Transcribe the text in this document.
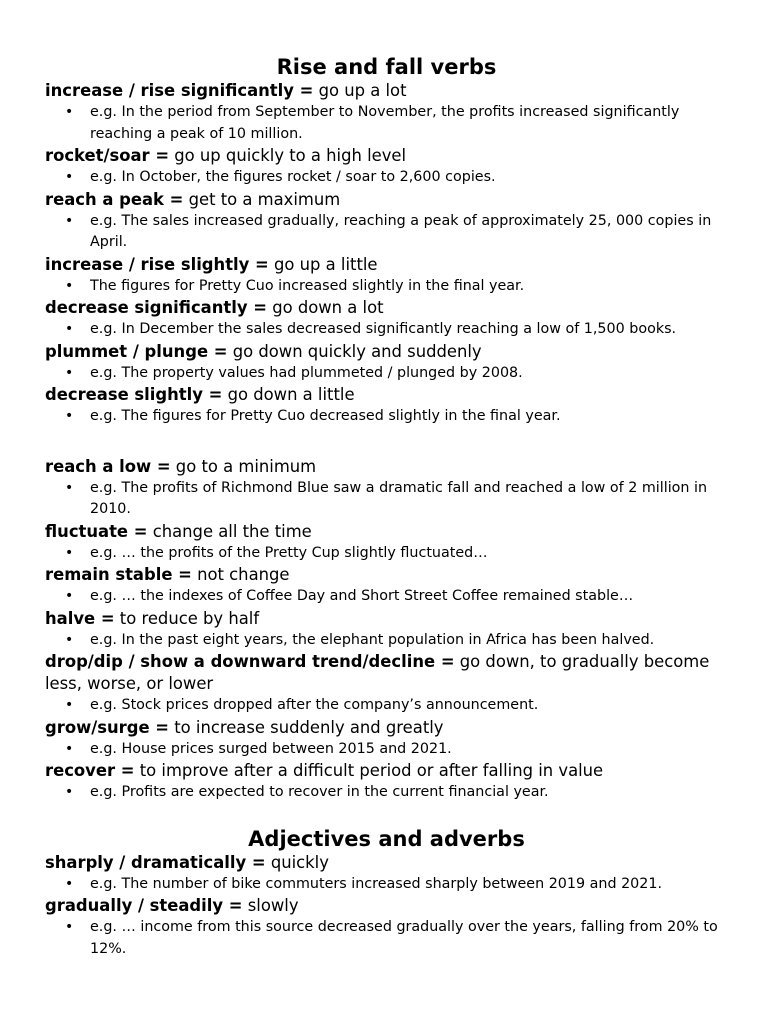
Rise and fall verbs

increase / rise significantly = go up a lot

• e.g. In the period from September to November, the profits increased significantly reaching a peak of 10 million.

rocket/soar = go up quickly to a high level

• e.g. In October, the figures rocket / soar to 2,600 copies.

reach a peak = get to a maximum

• e.g. The sales increased gradually, reaching a peak of approximately 25, 000 copies in April.

increase / rise slightly = go up a little

• The figures for Pretty Cuo increased slightly in the final year.

decrease significantly = go down a lot

• e.g. In December the sales decreased significantly reaching a low of 1,500 books.

plummet / plunge = go down quickly and suddenly

• e.g. The property values had plummeted / plunged by 2008.

decrease slightly = go down a little

• e.g. The figures for Pretty Cuo decreased slightly in the final year.

reach a low = go to a minimum

• e.g. The profits of Richmond Blue saw a dramatic fall and reached a low of 2 million in 2010.

fluctuate = change all the time

• e.g. … the profits of the Pretty Cup slightly fluctuated…

remain stable = not change

• e.g. … the indexes of Coffee Day and Short Street Coffee remained stable…

halve = to reduce by half

• e.g. In the past eight years, the elephant population in Africa has been halved.

drop/dip / show a downward trend/decline = go down, to gradually become less, worse, or lower

• e.g. Stock prices dropped after the company’s announcement.

grow/surge = to increase suddenly and greatly

• e.g. House prices surged between 2015 and 2021.

recover = to improve after a difficult period or after falling in value

• e.g. Profits are expected to recover in the current financial year.

Adjectives and adverbs

sharply / dramatically = quickly

• e.g. The number of bike commuters increased sharply between 2019 and 2021.

gradually / steadily = slowly

• e.g. … income from this source decreased gradually over the years, falling from 20% to 12%.
